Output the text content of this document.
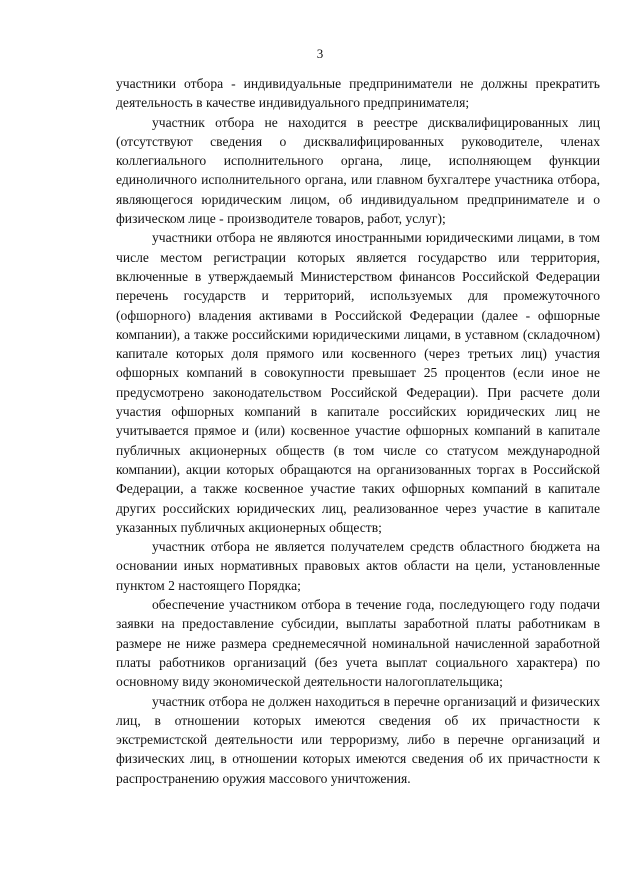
3

участники отбора - индивидуальные предприниматели не должны прекратить деятельность в качестве индивидуального предпринимателя;

участник отбора не находится в реестре дисквалифицированных лиц (отсутствуют сведения о дисквалифицированных руководителе, членах коллегиального исполнительного органа, лице, исполняющем функции единоличного исполнительного органа, или главном бухгалтере участника отбора, являющегося юридическим лицом, об индивидуальном предпринимателе и о физическом лице - производителе товаров, работ, услуг);

участники отбора не являются иностранными юридическими лицами, в том числе местом регистрации которых является государство или территория, включенные в утверждаемый Министерством финансов Российской Федерации перечень государств и территорий, используемых для промежуточного (офшорного) владения активами в Российской Федерации (далее - офшорные компании), а также российскими юридическими лицами, в уставном (складочном) капитале которых доля прямого или косвенного (через третьих лиц) участия офшорных компаний в совокупности превышает 25 процентов (если иное не предусмотрено законодательством Российской Федерации). При расчете доли участия офшорных компаний в капитале российских юридических лиц не учитывается прямое и (или) косвенное участие офшорных компаний в капитале публичных акционерных обществ (в том числе со статусом международной компании), акции которых обращаются на организованных торгах в Российской Федерации, а также косвенное участие таких офшорных компаний в капитале других российских юридических лиц, реализованное через участие в капитале указанных публичных акционерных обществ;

участник отбора не является получателем средств областного бюджета на основании иных нормативных правовых актов области на цели, установленные пунктом 2 настоящего Порядка;

обеспечение участником отбора в течение года, последующего году подачи заявки на предоставление субсидии, выплаты заработной платы работникам в размере не ниже размера среднемесячной номинальной начисленной заработной платы работников организаций (без учета выплат социального характера) по основному виду экономической деятельности налогоплательщика;

участник отбора не должен находиться в перечне организаций и физических лиц, в отношении которых имеются сведения об их причастности к экстремистской деятельности или терроризму, либо в перечне организаций и физических лиц, в отношении которых имеются сведения об их причастности к распространению оружия массового уничтожения.
